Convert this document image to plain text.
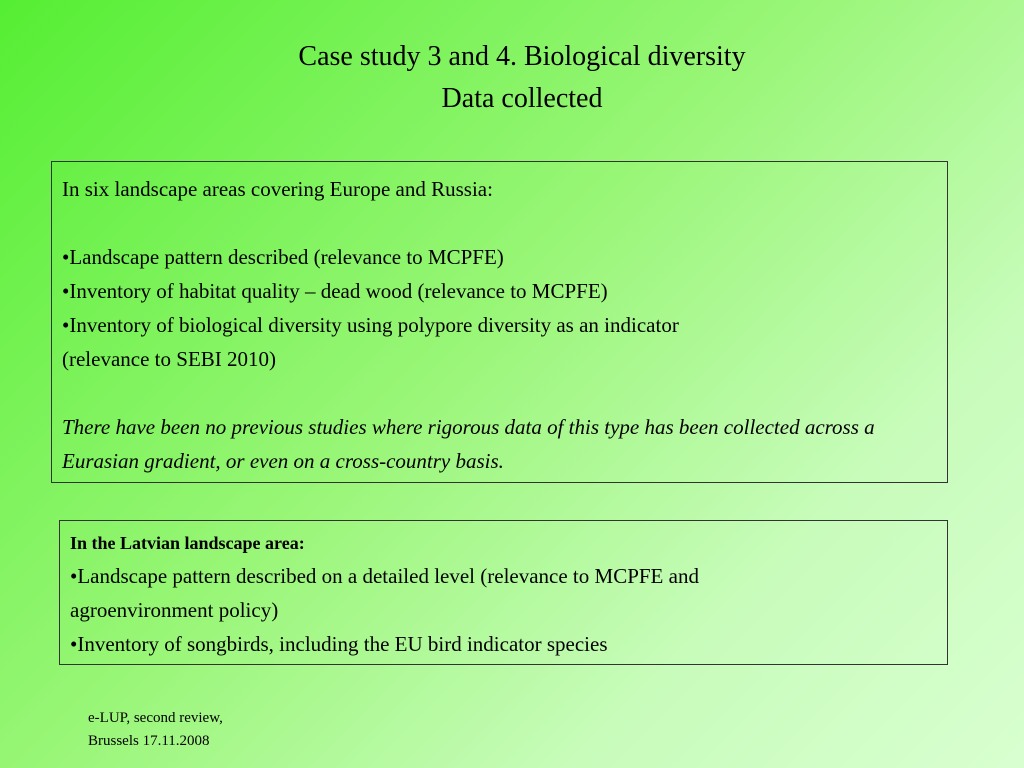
Case study 3 and 4. Biological diversity
Data collected
In six landscape areas covering Europe and Russia:
• Landscape pattern described (relevance to MCPFE)
• Inventory of habitat quality – dead wood (relevance to MCPFE)
• Inventory of biological diversity using polypore diversity as an indicator
(relevance to SEBI 2010)
There have been no previous studies where rigorous data of this type has been collected across a Eurasian gradient, or even on a cross-country basis.
In the Latvian landscape area:
• Landscape pattern described on a detailed level (relevance to MCPFE and
agroenvironment policy)
• Inventory of songbirds, including the EU bird indicator species
e-LUP, second review,
Brussels 17.11.2008
